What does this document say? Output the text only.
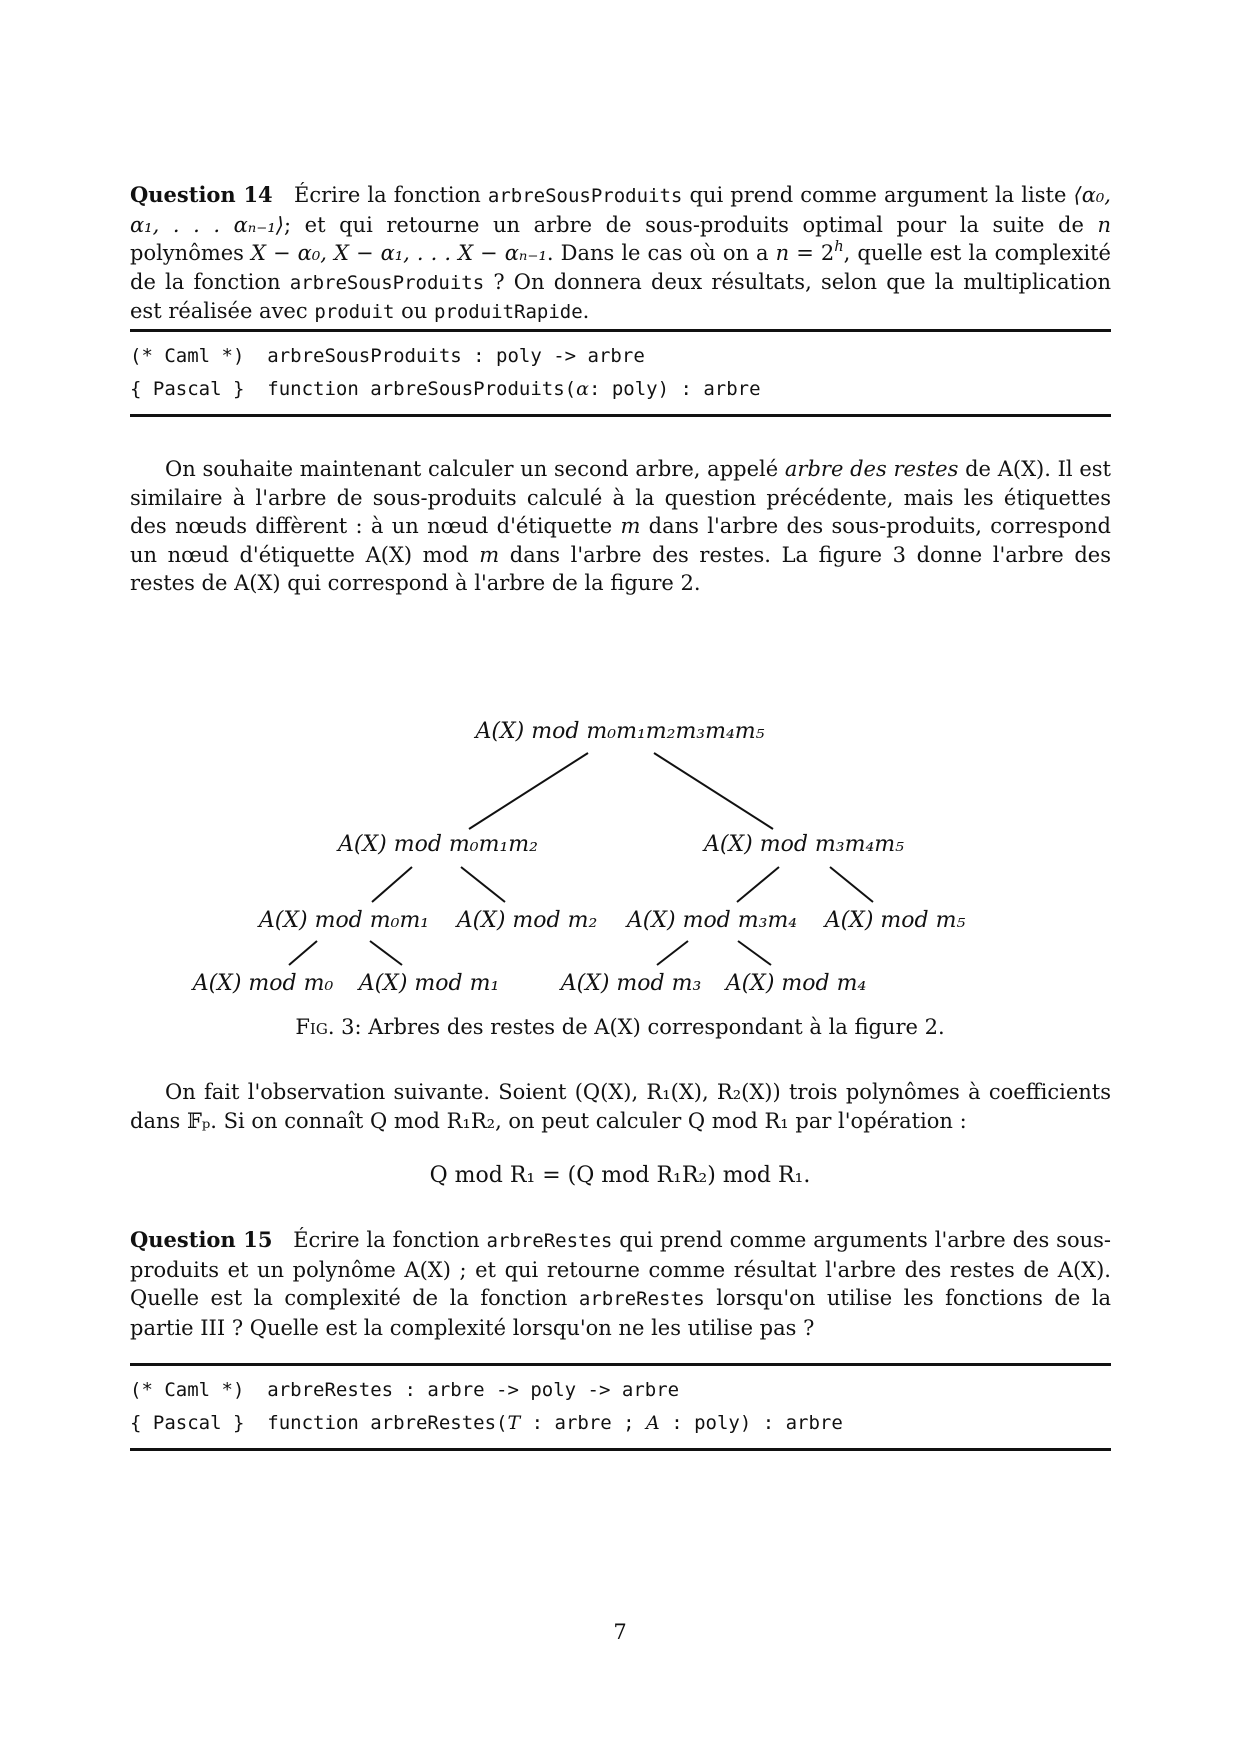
Question 14 Écrire la fonction arbreSousProduits qui prend comme argument la liste ⟨α₀, α₁, . . . αₙ₋₁⟩; et qui retourne un arbre de sous-produits optimal pour la suite de n polynômes X − α₀, X − α₁, . . . X − αₙ₋₁. Dans le cas où on a $n = 2^h$, quelle est la complexité de la fonction arbreSousProduits ? On donnera deux résultats, selon que la multiplication est réalisée avec produit ou produitRapide.

(* Caml *)  arbreSousProduits : poly -> arbre
{ Pascal }  function arbreSousProduits(α: poly) : arbre

On souhaite maintenant calculer un second arbre, appelé arbre des restes de A(X). Il est similaire à l'arbre de sous-produits calculé à la question précédente, mais les étiquettes des nœuds diffèrent : à un nœud d'étiquette m dans l'arbre des sous-produits, correspond un nœud d'étiquette A(X) mod m dans l'arbre des restes. La figure 3 donne l'arbre des restes de A(X) qui correspond à l'arbre de la figure 2.

A(X) mod m₀m₁m₂m₃m₄m₅
A(X) mod m₀m₁m₂	A(X) mod m₃m₄m₅
A(X) mod m₀m₁ A(X) mod m₂ A(X) mod m₃m₄ A(X) mod m₅
A(X) mod m₀ A(X) mod m₁	A(X) mod m₃ A(X) mod m₄
Fig. 3: Arbres des restes de A(X) correspondant à la figure 2.

On fait l'observation suivante. Soient (Q(X), R₁(X), R₂(X)) trois polynômes à coefficients dans 𝔽ₚ. Si on connaît Q mod R₁R₂, on peut calculer Q mod R₁ par l'opération :

Q mod R₁ = (Q mod R₁R₂) mod R₁.

Question 15 Écrire la fonction arbreRestes qui prend comme arguments l'arbre des sous-produits et un polynôme A(X) ; et qui retourne comme résultat l'arbre des restes de A(X). Quelle est la complexité de la fonction arbreRestes lorsqu'on utilise les fonctions de la partie III ? Quelle est la complexité lorsqu'on ne les utilise pas ?

(* Caml *)  arbreRestes : arbre -> poly -> arbre
{ Pascal }  function arbreRestes(T : arbre ; A : poly) : arbre
7
